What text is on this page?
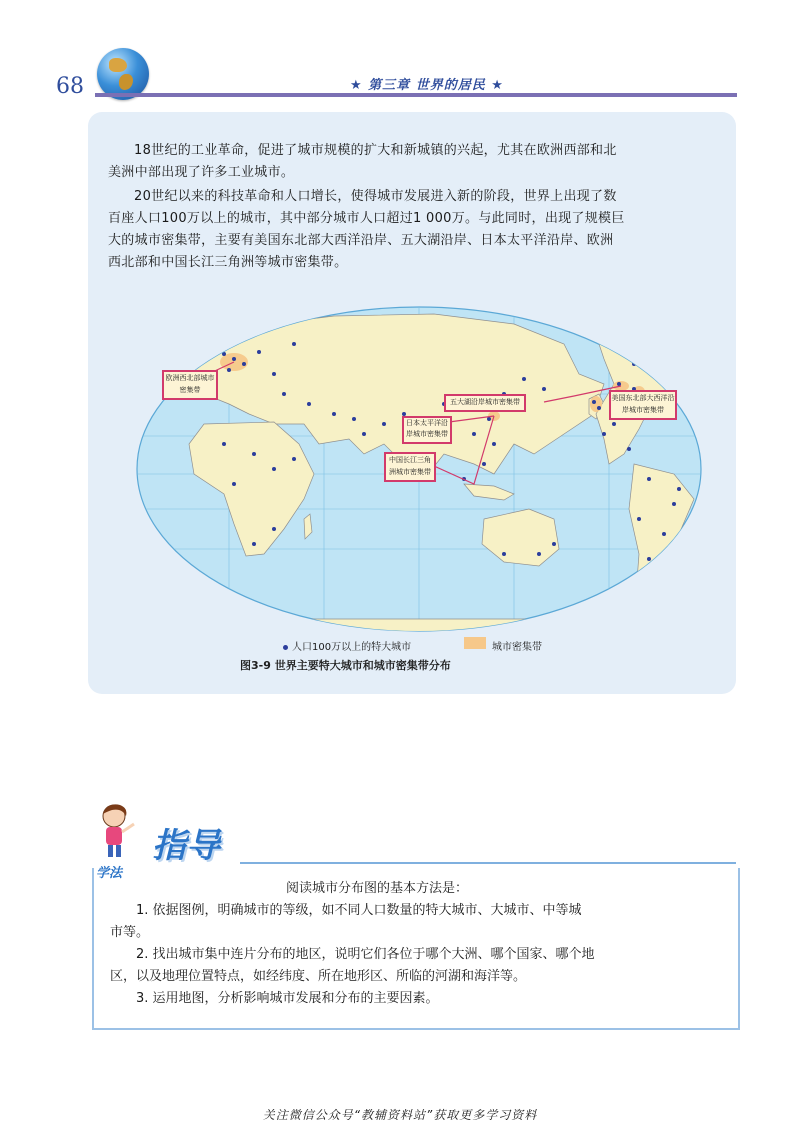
68	★ 第三章 世界的居民 ★
18世纪的工业革命，促进了城市规模的扩大和新城镇的兴起，尤其在欧洲西部和北
美洲中部出现了许多工业城市。
20世纪以来的科技革命和人口增长，使得城市发展进入新的阶段，世界上出现了数
百座人口100万以上的城市，其中部分城市人口超过1 000万。与此同时，出现了规模巨
大的城市密集带，主要有美国东北部大西洋沿岸、五大湖沿岸、日本太平洋沿岸、欧洲
西北部和中国长江三角洲等城市密集带。
欧洲西北部城市密集带
日本太平洋沿岸城市密集带
中国长江三角洲城市密集带
五大湖沿岸城市密集带	美国东北部大西洋沿岸城市密集带
人口100万以上的特大城市	城市密集带
图3-9 世界主要特大城市和城市密集带分布
指导
学法
阅读城市分布图的基本方法是：
1. 依据图例，明确城市的等级，如不同人口数量的特大城市、大城市、中等城
市等。
2. 找出城市集中连片分布的地区，说明它们各位于哪个大洲、哪个国家、哪个地
区，以及地理位置特点，如经纬度、所在地形区、所临的河湖和海洋等。
3. 运用地图，分析影响城市发展和分布的主要因素。
关注微信公众号“教辅资料站”获取更多学习资料
